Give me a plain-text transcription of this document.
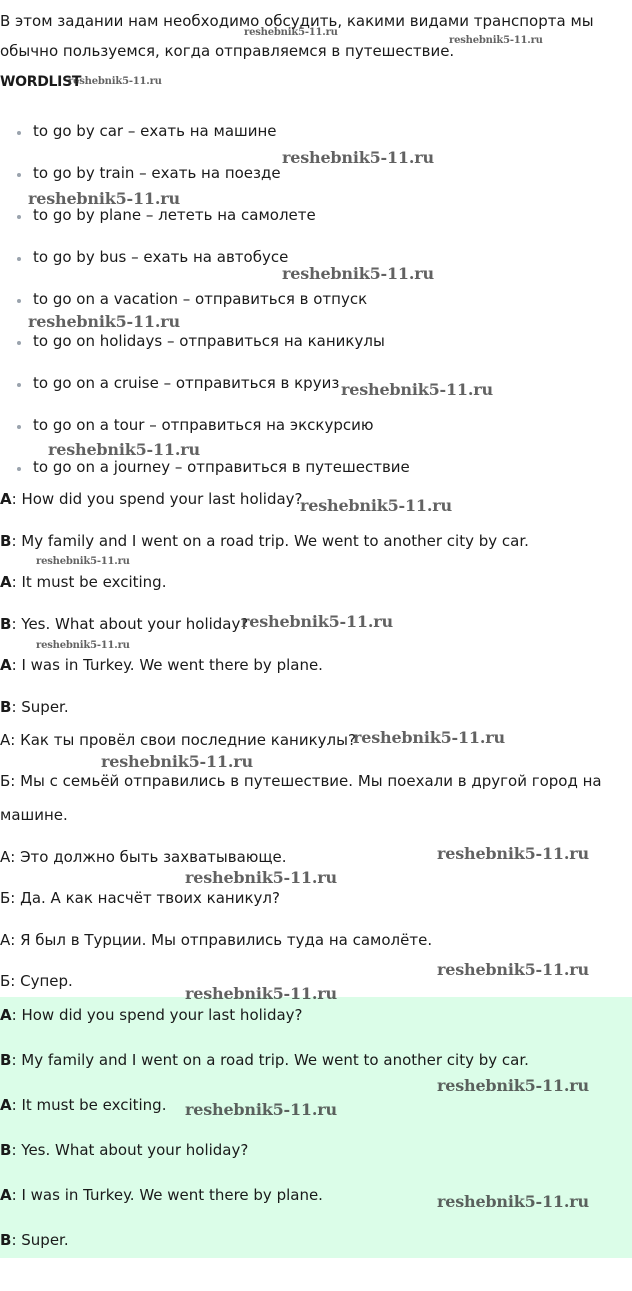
В этом задании нам необходимо обсудить, какими видами транспорта мы обычно пользуемся, когда отправляемся в путешествие.
WORDLIST
to go by car – ехать на машине
to go by train – ехать на поезде
to go by plane – лететь на самолете
to go by bus – ехать на автобусе
to go on a vacation – отправиться в отпуск
to go on holidays – отправиться на каникулы
to go on a cruise – отправиться в круиз
to go on a tour – отправиться на экскурсию
to go on a journey – отправиться в путешествие
A: How did you spend your last holiday?
B: My family and I went on a road trip. We went to another city by car.
A: It must be exciting.
B: Yes. What about your holiday?
A: I was in Turkey. We went there by plane.
B: Super.
А: Как ты провёл свои последние каникулы?
Б: Мы с семьёй отправились в путешествие. Мы поехали в другой город на
машине.
А: Это должно быть захватывающе.
Б: Да. А как насчёт твоих каникул?
А: Я был в Турции. Мы отправились туда на самолёте.
Б: Супер.
A: How did you spend your last holiday?
B: My family and I went on a road trip. We went to another city by car.
A: It must be exciting.
B: Yes. What about your holiday?
A: I was in Turkey. We went there by plane.
B: Super.
reshebnik5-11.ru
reshebnik5-11.ru
reshebnik5-11.ru
reshebnik5-11.ru
reshebnik5-11.ru
reshebnik5-11.ru
reshebnik5-11.ru
reshebnik5-11.ru
reshebnik5-11.ru
reshebnik5-11.ru
reshebnik5-11.ru
reshebnik5-11.ru
reshebnik5-11.ru
reshebnik5-11.ru
reshebnik5-11.ru
reshebnik5-11.ru
reshebnik5-11.ru
reshebnik5-11.ru
reshebnik5-11.ru
reshebnik5-11.ru
reshebnik5-11.ru
reshebnik5-11.ru
